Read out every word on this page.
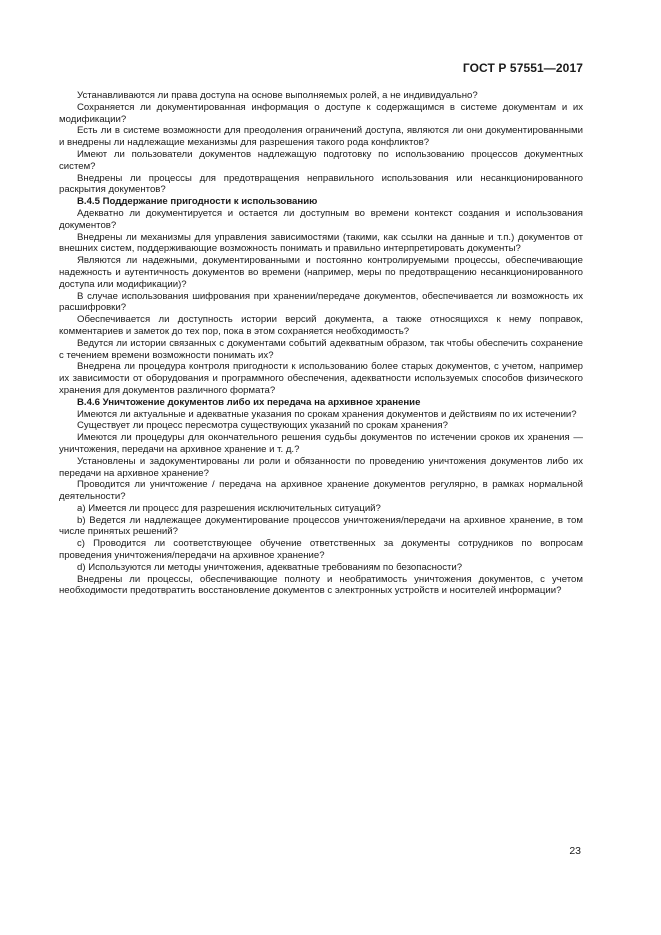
ГОСТ Р 57551—2017

Устанавливаются ли права доступа на основе выполняемых ролей, а не индивидуально?

Сохраняется ли документированная информация о доступе к содержащимся в системе документам и их модификации?

Есть ли в системе возможности для преодоления ограничений доступа, являются ли они документированными и внедрены ли надлежащие механизмы для разрешения такого рода конфликтов?

Имеют ли пользователи документов надлежащую подготовку по использованию процессов документных систем?

Внедрены ли процессы для предотвращения неправильного использования или несанкционированного раскрытия документов?

В.4.5 Поддержание пригодности к использованию

Адекватно ли документируется и остается ли доступным во времени контекст создания и использования документов?

Внедрены ли механизмы для управления зависимостями (такими, как ссылки на данные и т.п.) документов от внешних систем, поддерживающие возможность понимать и правильно интерпретировать документы?

Являются ли надежными, документированными и постоянно контролируемыми процессы, обеспечивающие надежность и аутентичность документов во времени (например, меры по предотвращению несанкционированного доступа или модификации)?

В случае использования шифрования при хранении/передаче документов, обеспечивается ли возможность их расшифровки?

Обеспечивается ли доступность истории версий документа, а также относящихся к нему поправок, комментариев и заметок до тех пор, пока в этом сохраняется необходимость?

Ведутся ли истории связанных с документами событий адекватным образом, так чтобы обеспечить сохранение с течением времени возможности понимать их?

Внедрена ли процедура контроля пригодности к использованию более старых документов, с учетом, например их зависимости от оборудования и программного обеспечения, адекватности используемых способов физического хранения для документов различного формата?

В.4.6 Уничтожение документов либо их передача на архивное хранение

Имеются ли актуальные и адекватные указания по срокам хранения документов и действиям по их истечении?

Существует ли процесс пересмотра существующих указаний по срокам хранения?

Имеются ли процедуры для окончательного решения судьбы документов по истечении сроков их хранения — уничтожения, передачи на архивное хранение и т. д.?

Установлены и задокументированы ли роли и обязанности по проведению уничтожения документов либо их передачи на архивное хранение?

Проводится ли уничтожение / передача на архивное хранение документов регулярно, в рамках нормальной деятельности?

a) Имеется ли процесс для разрешения исключительных ситуаций?

b) Ведется ли надлежащее документирование процессов уничтожения/передачи на архивное хранение, в том числе принятых решений?

c) Проводится ли соответствующее обучение ответственных за документы сотрудников по вопросам проведения уничтожения/передачи на архивное хранение?

d) Используются ли методы уничтожения, адекватные требованиям по безопасности?

Внедрены ли процессы, обеспечивающие полноту и необратимость уничтожения документов, с учетом необходимости предотвратить восстановление документов с электронных устройств и носителей информации?

23
